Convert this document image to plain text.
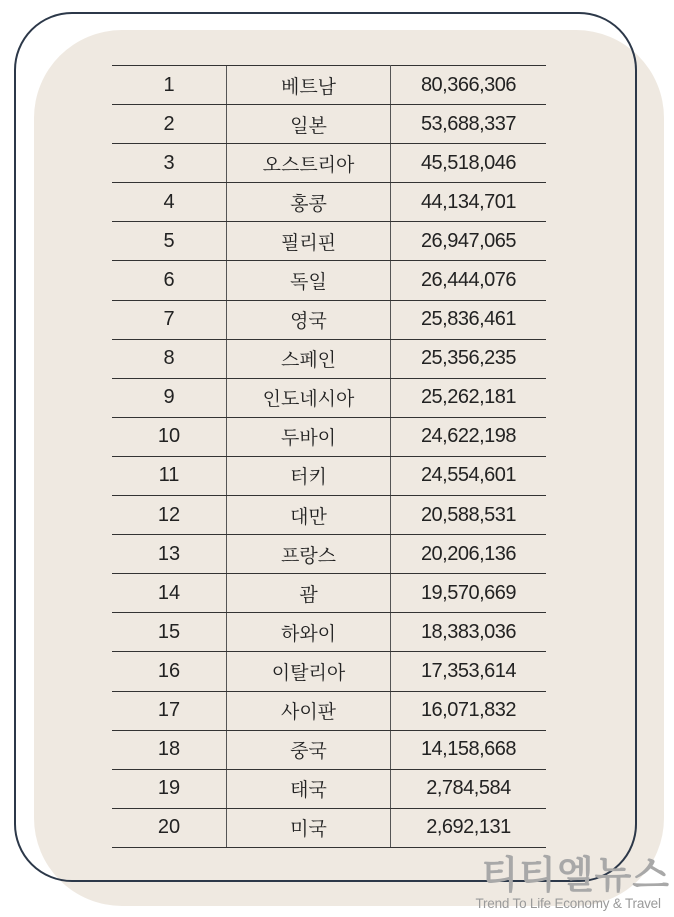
1	베트남	80,366,306
2	일본	53,688,337
3	오스트리아	45,518,046
4	홍콩	44,134,701
5	필리핀	26,947,065
6	독일	26,444,076
7	영국	25,836,461
8	스페인	25,356,235
9	인도네시아	25,262,181
10	두바이	24,622,198
11	터키	24,554,601
12	대만	20,588,531
13	프랑스	20,206,136
14	괌	19,570,669
15	하와이	18,383,036
16	이탈리아	17,353,614
17	사이판	16,071,832
18	중국	14,158,668
19	태국	2,784,584
20	미국	2,692,131
티티엘뉴스
Trend To Life Economy & Travel
